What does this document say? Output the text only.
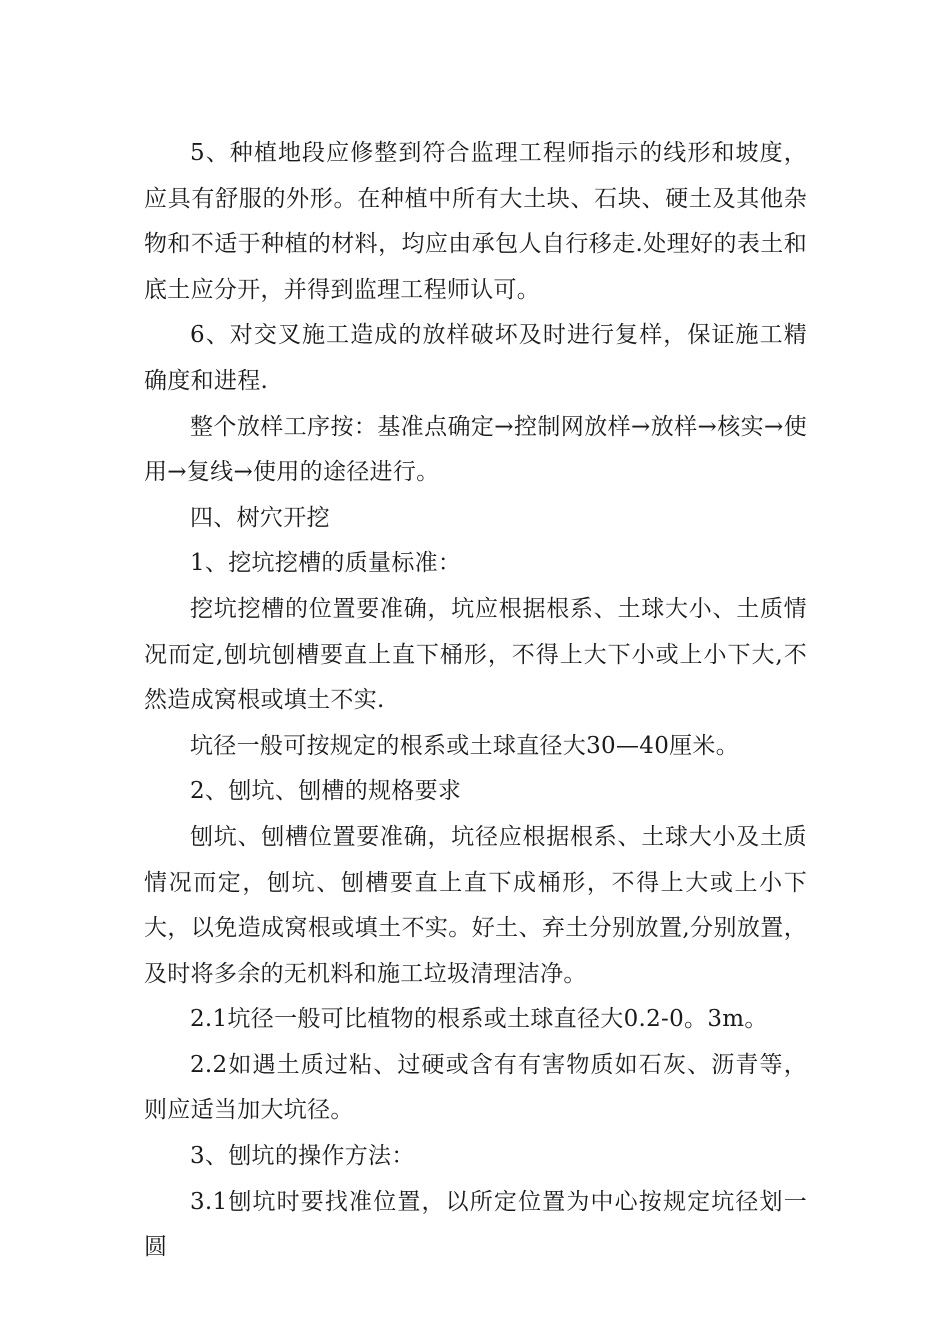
5、种植地段应修整到符合监理工程师指示的线形和坡度，应具有舒服的外形。在种植中所有大土块、石块、硬土及其他杂物和不适于种植的材料，均应由承包人自行移走.处理好的表土和底土应分开，并得到监理工程师认可。

6、对交叉施工造成的放样破坏及时进行复样，保证施工精确度和进程.

整个放样工序按：基准点确定→控制网放样→放样→核实→使用→复线→使用的途径进行。

四、树穴开挖

1、挖坑挖槽的质量标准：

挖坑挖槽的位置要准确，坑应根据根系、土球大小、土质情况而定,刨坑刨槽要直上直下桶形，不得上大下小或上小下大,不然造成窝根或填土不实.

坑径一般可按规定的根系或土球直径大30—40厘米。

2、刨坑、刨槽的规格要求

刨坑、刨槽位置要准确，坑径应根据根系、土球大小及土质情况而定，刨坑、刨槽要直上直下成桶形，不得上大或上小下大，以免造成窝根或填土不实。好土、弃土分别放置,分别放置，及时将多余的无机料和施工垃圾清理洁净。

2.1坑径一般可比植物的根系或土球直径大0.2-0。3m。

2.2如遇土质过粘、过硬或含有有害物质如石灰、沥青等，则应适当加大坑径。

3、刨坑的操作方法：

3.1刨坑时要找准位置，以所定位置为中心按规定坑径划一圆
